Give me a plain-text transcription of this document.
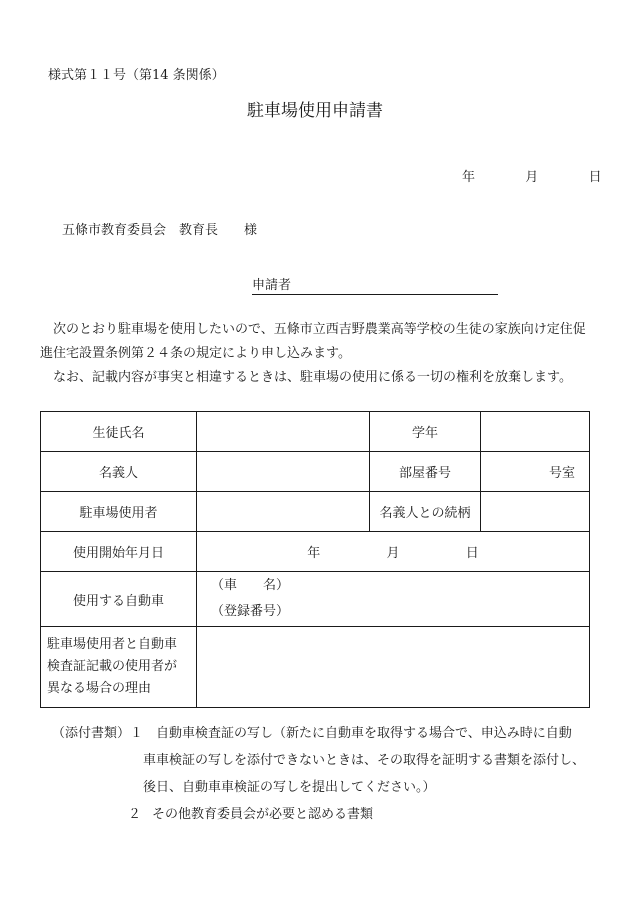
様式第１１号（第14 条関係）
駐車場使用申請書
年	月	日
五條市教育委員会　教育長　　様
申請者
次のとおり駐車場を使用したいので、五條市立西吉野農業高等学校の生徒の家族向け定住促進住宅設置条例第２４条の規定により申し込みます。
なお、記載内容が事実と相違するときは、駐車場の使用に係る一切の権利を放棄します。
生徒氏名		学年	
名義人		部屋番号	号室
駐車場使用者		名義人との続柄	
使用開始年月日	年 月 日		
使用する自動車	（車　　名）
（登録番号）		

駐車場使用者と自動車
検査証記載の使用者が
異なる場合の理由			

（添付書類） １ 自動車検査証の写し（新たに自動車を取得する場合で、申込み時に自動
車車検証の写しを添付できないときは、その取得を証明する書類を添付し、
後日、自動車車検証の写しを提出してください。）
２ その他教育委員会が必要と認める書類
